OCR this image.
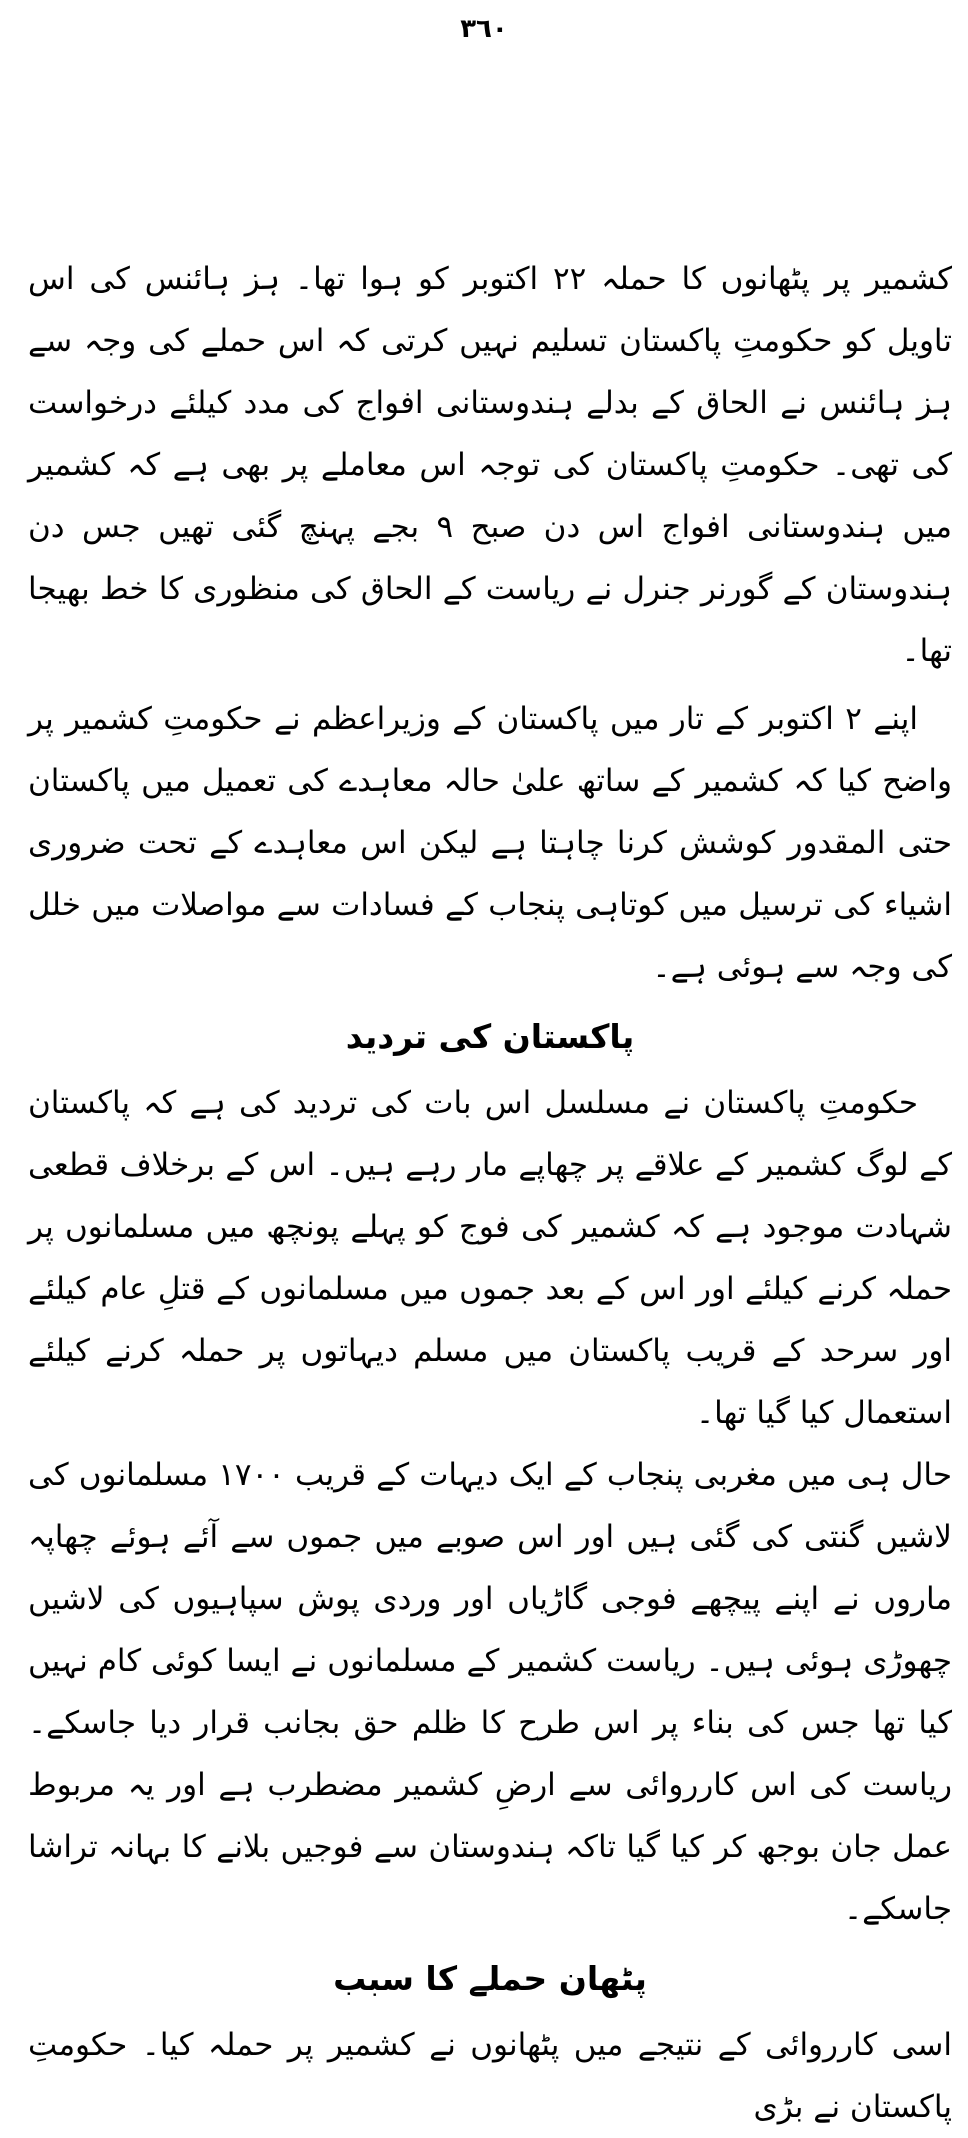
٣٦٠

کشمیر پر پٹھانوں کا حملہ ۲۲ اکتوبر کو ہوا تھا۔ ہز ہائنس کی اس تاویل کو حکومتِ پاکستان تسلیم نہیں کرتی کہ اس حملے کی وجہ سے ہز ہائنس نے الحاق کے بدلے ہندوستانی افواج کی مدد کیلئے درخواست کی تھی۔ حکومتِ پاکستان کی توجہ اس معاملے پر بھی ہے کہ کشمیر میں ہندوستانی افواج اس دن صبح ۹ بجے پہنچ گئی تھیں جس دن ہندوستان کے گورنر جنرل نے ریاست کے الحاق کی منظوری کا خط بھیجا تھا۔

اپنے ۲ اکتوبر کے تار میں پاکستان کے وزیراعظم نے حکومتِ کشمیر پر واضح کیا کہ کشمیر کے ساتھ علیٰ حالہ معاہدے کی تعمیل میں پاکستان حتی المقدور کوشش کرنا چاہتا ہے لیکن اس معاہدے کے تحت ضروری اشیاء کی ترسیل میں کوتاہی پنجاب کے فسادات سے مواصلات میں خلل کی وجہ سے ہوئی ہے۔

پاکستان کی تردید

حکومتِ پاکستان نے مسلسل اس بات کی تردید کی ہے کہ پاکستان کے لوگ کشمیر کے علاقے پر چھاپے مار رہے ہیں۔ اس کے برخلاف قطعی شہادت موجود ہے کہ کشمیر کی فوج کو پہلے پونچھ میں مسلمانوں پر حملہ کرنے کیلئے اور اس کے بعد جموں میں مسلمانوں کے قتلِ عام کیلئے اور سرحد کے قریب پاکستان میں مسلم دیہاتوں پر حملہ کرنے کیلئے استعمال کیا گیا تھا۔

حال ہی میں مغربی پنجاب کے ایک دیہات کے قریب ۱۷۰۰ مسلمانوں کی لاشیں گنتی کی گئی ہیں اور اس صوبے میں جموں سے آئے ہوئے چھاپہ ماروں نے اپنے پیچھے فوجی گاڑیاں اور وردی پوش سپاہیوں کی لاشیں چھوڑی ہوئی ہیں۔ ریاست کشمیر کے مسلمانوں نے ایسا کوئی کام نہیں کیا تھا جس کی بناء پر اس طرح کا ظلم حق بجانب قرار دیا جاسکے۔ ریاست کی اس کارروائی سے ارضِ کشمیر مضطرب ہے اور یہ مربوط عمل جان بوجھ کر کیا گیا تاکہ ہندوستان سے فوجیں بلانے کا بہانہ تراشا جاسکے۔

پٹھان حملے کا سبب

اسی کارروائی کے نتیجے میں پٹھانوں نے کشمیر پر حملہ کیا۔ حکومتِ پاکستان نے بڑی
